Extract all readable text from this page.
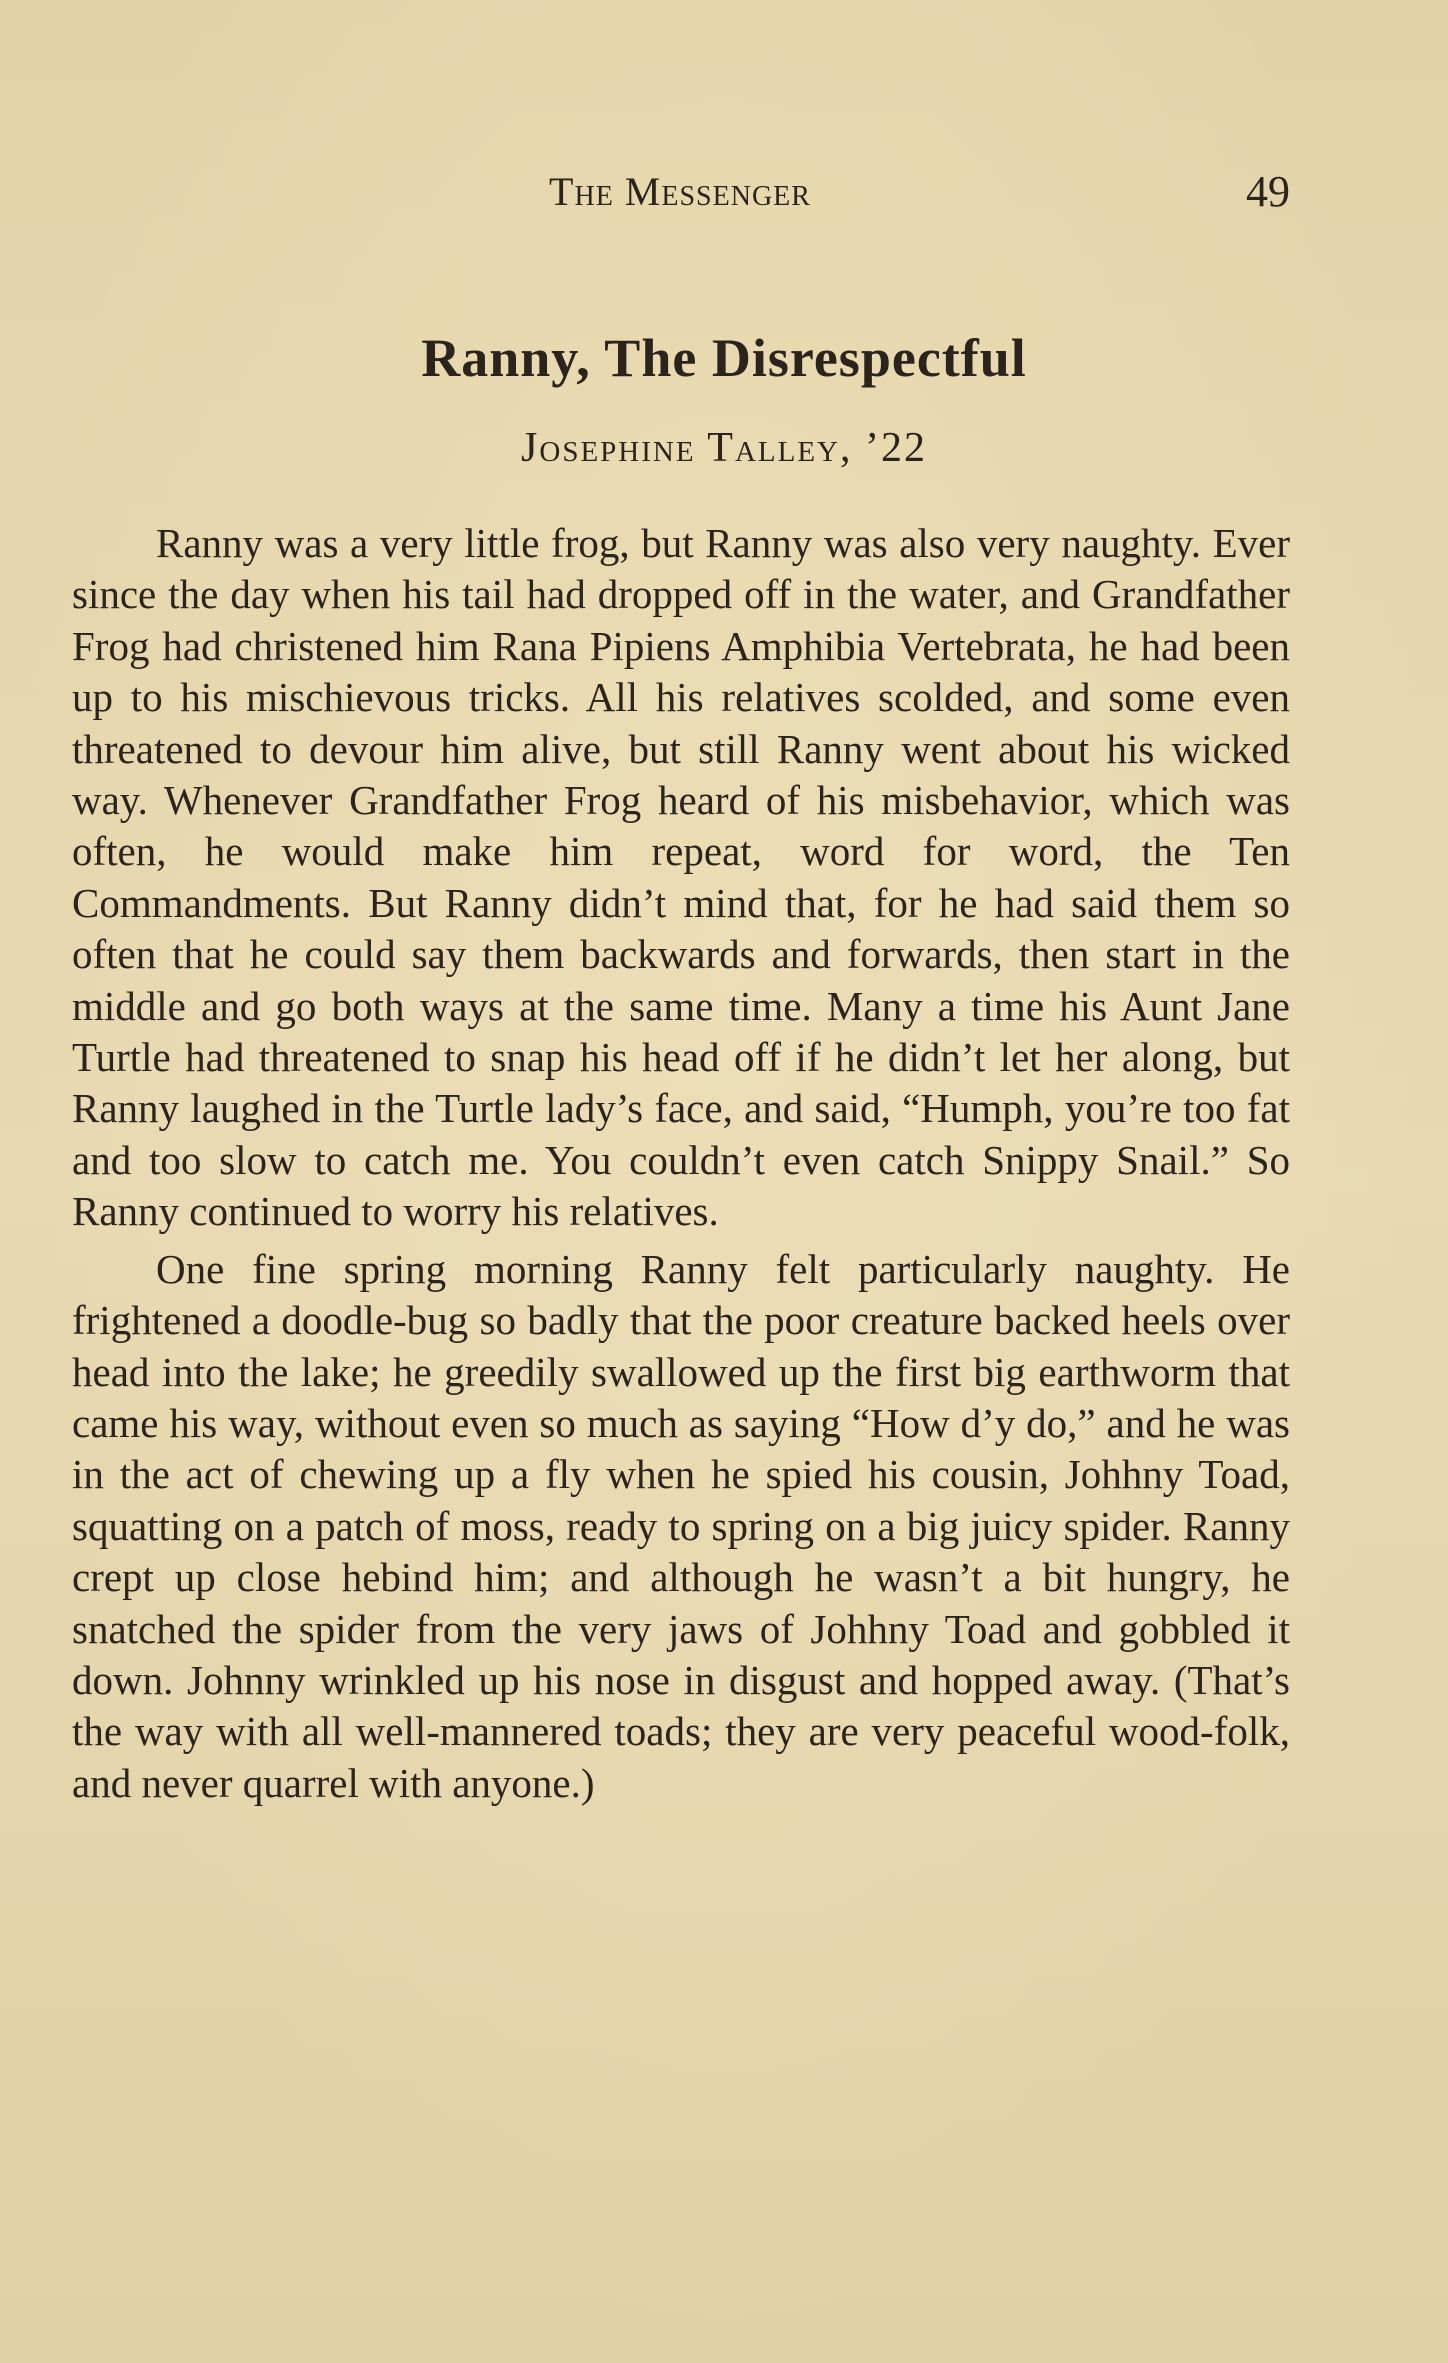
The Messenger	49
Ranny, The Disrespectful
Josephine Talley, ’22

Ranny was a very little frog, but Ranny was also very naughty. Ever since the day when his tail had dropped off in the water, and Grandfather Frog had christened him Rana Pipiens Amphibia Vertebrata, he had been up to his mischievous tricks. All his relatives scolded, and some even threatened to devour him alive, but still Ranny went about his wicked way. Whenever Grandfather Frog heard of his misbehavior, which was often, he would make him repeat, word for word, the Ten Commandments. But Ranny didn’t mind that, for he had said them so often that he could say them backwards and forwards, then start in the middle and go both ways at the same time. Many a time his Aunt Jane Turtle had threatened to snap his head off if he didn’t let her along, but Ranny laughed in the Turtle lady’s face, and said, “Humph, you’re too fat and too slow to catch me. You couldn’t even catch Snippy Snail.” So Ranny continued to worry his relatives.

One fine spring morning Ranny felt particularly naughty. He frightened a doodle-bug so badly that the poor creature backed heels over head into the lake; he greedily swallowed up the first big earthworm that came his way, without even so much as saying “How d’y do,” and he was in the act of chewing up a fly when he spied his cousin, Johhny Toad, squatting on a patch of moss, ready to spring on a big juicy spider. Ranny crept up close hebind him; and although he wasn’t a bit hungry, he snatched the spider from the very jaws of Johhny Toad and gobbled it down. Johnny wrinkled up his nose in disgust and hopped away. (That’s the way with all well-mannered toads; they are very peaceful wood-folk, and never quarrel with anyone.)
